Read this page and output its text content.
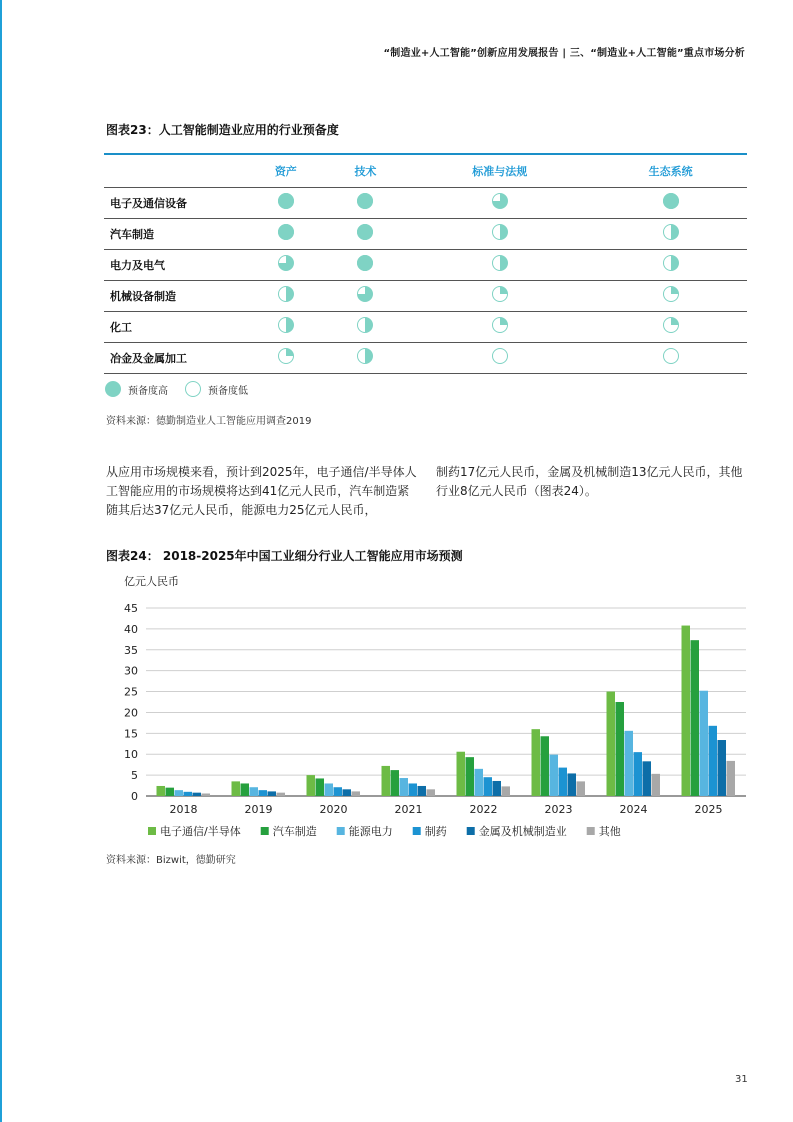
“制造业+人工智能”创新应用发展报告 | 三、“制造业+人工智能”重点市场分析
图表23：人工智能制造业应用的行业预备度
	资产	技术	标准与法规	生态系统
电子及通信设备				
汽车制造				
电力及电气				
机械设备制造				
化工				
冶金及金属加工				
预备度高	预备度低
资料来源：德勤制造业人工智能应用调查2019
从应用市场规模来看，预计到2025年，电子通信/半导体人工智能应用的市场规模将达到41亿元人民币，汽车制造紧随其后达37亿元人民币，能源电力25亿元人民币，
制药17亿元人民币，金属及机械制造13亿元人民币，其他行业8亿元人民币（图表24）。
图表24： 2018-2025年中国工业细分行业人工智能应用市场预测
亿元人民币
0
5
10
15
20
25
30
35
40
45
2018	2019	2020	2021	2022	2023	2024	2025
电子通信/半导体	汽车制造	能源电力	制药	金属及机械制造业	其他
资料来源：Bizwit，德勤研究
31
